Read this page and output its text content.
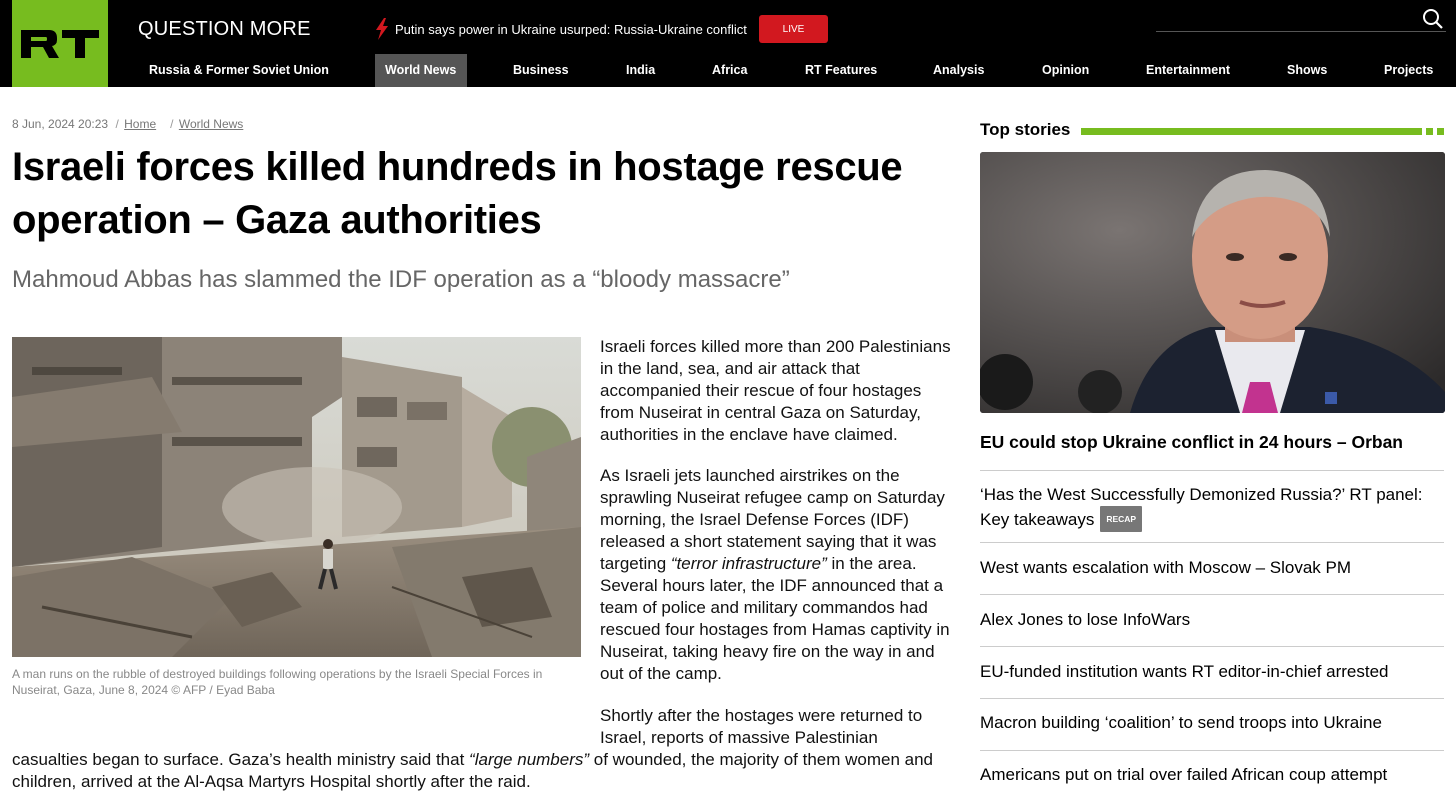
QUESTION MORE	Putin says power in Ukraine usurped: Russia-Ukraine conflict	LIVE
Russia & Former Soviet Union	World News	Business	India	Africa	RT Features	Analysis	Opinion	Entertainment	Shows	Projects
8 Jun, 2024 20:23 / Home   / World News
Israeli forces killed hundreds in hostage rescue operation – Gaza authorities
Mahmoud Abbas has slammed the IDF operation as a “bloody massacre”
A man runs on the rubble of destroyed buildings following operations by the Israeli Special Forces in Nuseirat, Gaza, June 8, 2024 © AFP / Eyad Baba

Israeli forces killed more than 200 Palestinians in the land, sea, and air attack that accompanied their rescue of four hostages from Nuseirat in central Gaza on Saturday, authorities in the enclave have claimed.

As Israeli jets launched airstrikes on the sprawling Nuseirat refugee camp on Saturday morning, the Israel Defense Forces (IDF) released a short statement saying that it was targeting “terror infrastructure” in the area. Several hours later, the IDF announced that a team of police and military commandos had rescued four hostages from Hamas captivity in Nuseirat, taking heavy fire on the way in and out of the camp.

Shortly after the hostages were returned to Israel, reports of massive Palestinian

casualties began to surface. Gaza’s health ministry said that “large numbers” of wounded, the majority of them women and
children, arrived at the Al-Aqsa Martyrs Hospital shortly after the raid.

Top stories
EU could stop Ukraine conflict in 24 hours – Orban
‘Has the West Successfully Demonized Russia?’ RT panel: Key takeaways RECAP
West wants escalation with Moscow – Slovak PM
Alex Jones to lose InfoWars
EU-funded institution wants RT editor-in-chief arrested
Macron building ‘coalition’ to send troops into Ukraine
Americans put on trial over failed African coup attempt
